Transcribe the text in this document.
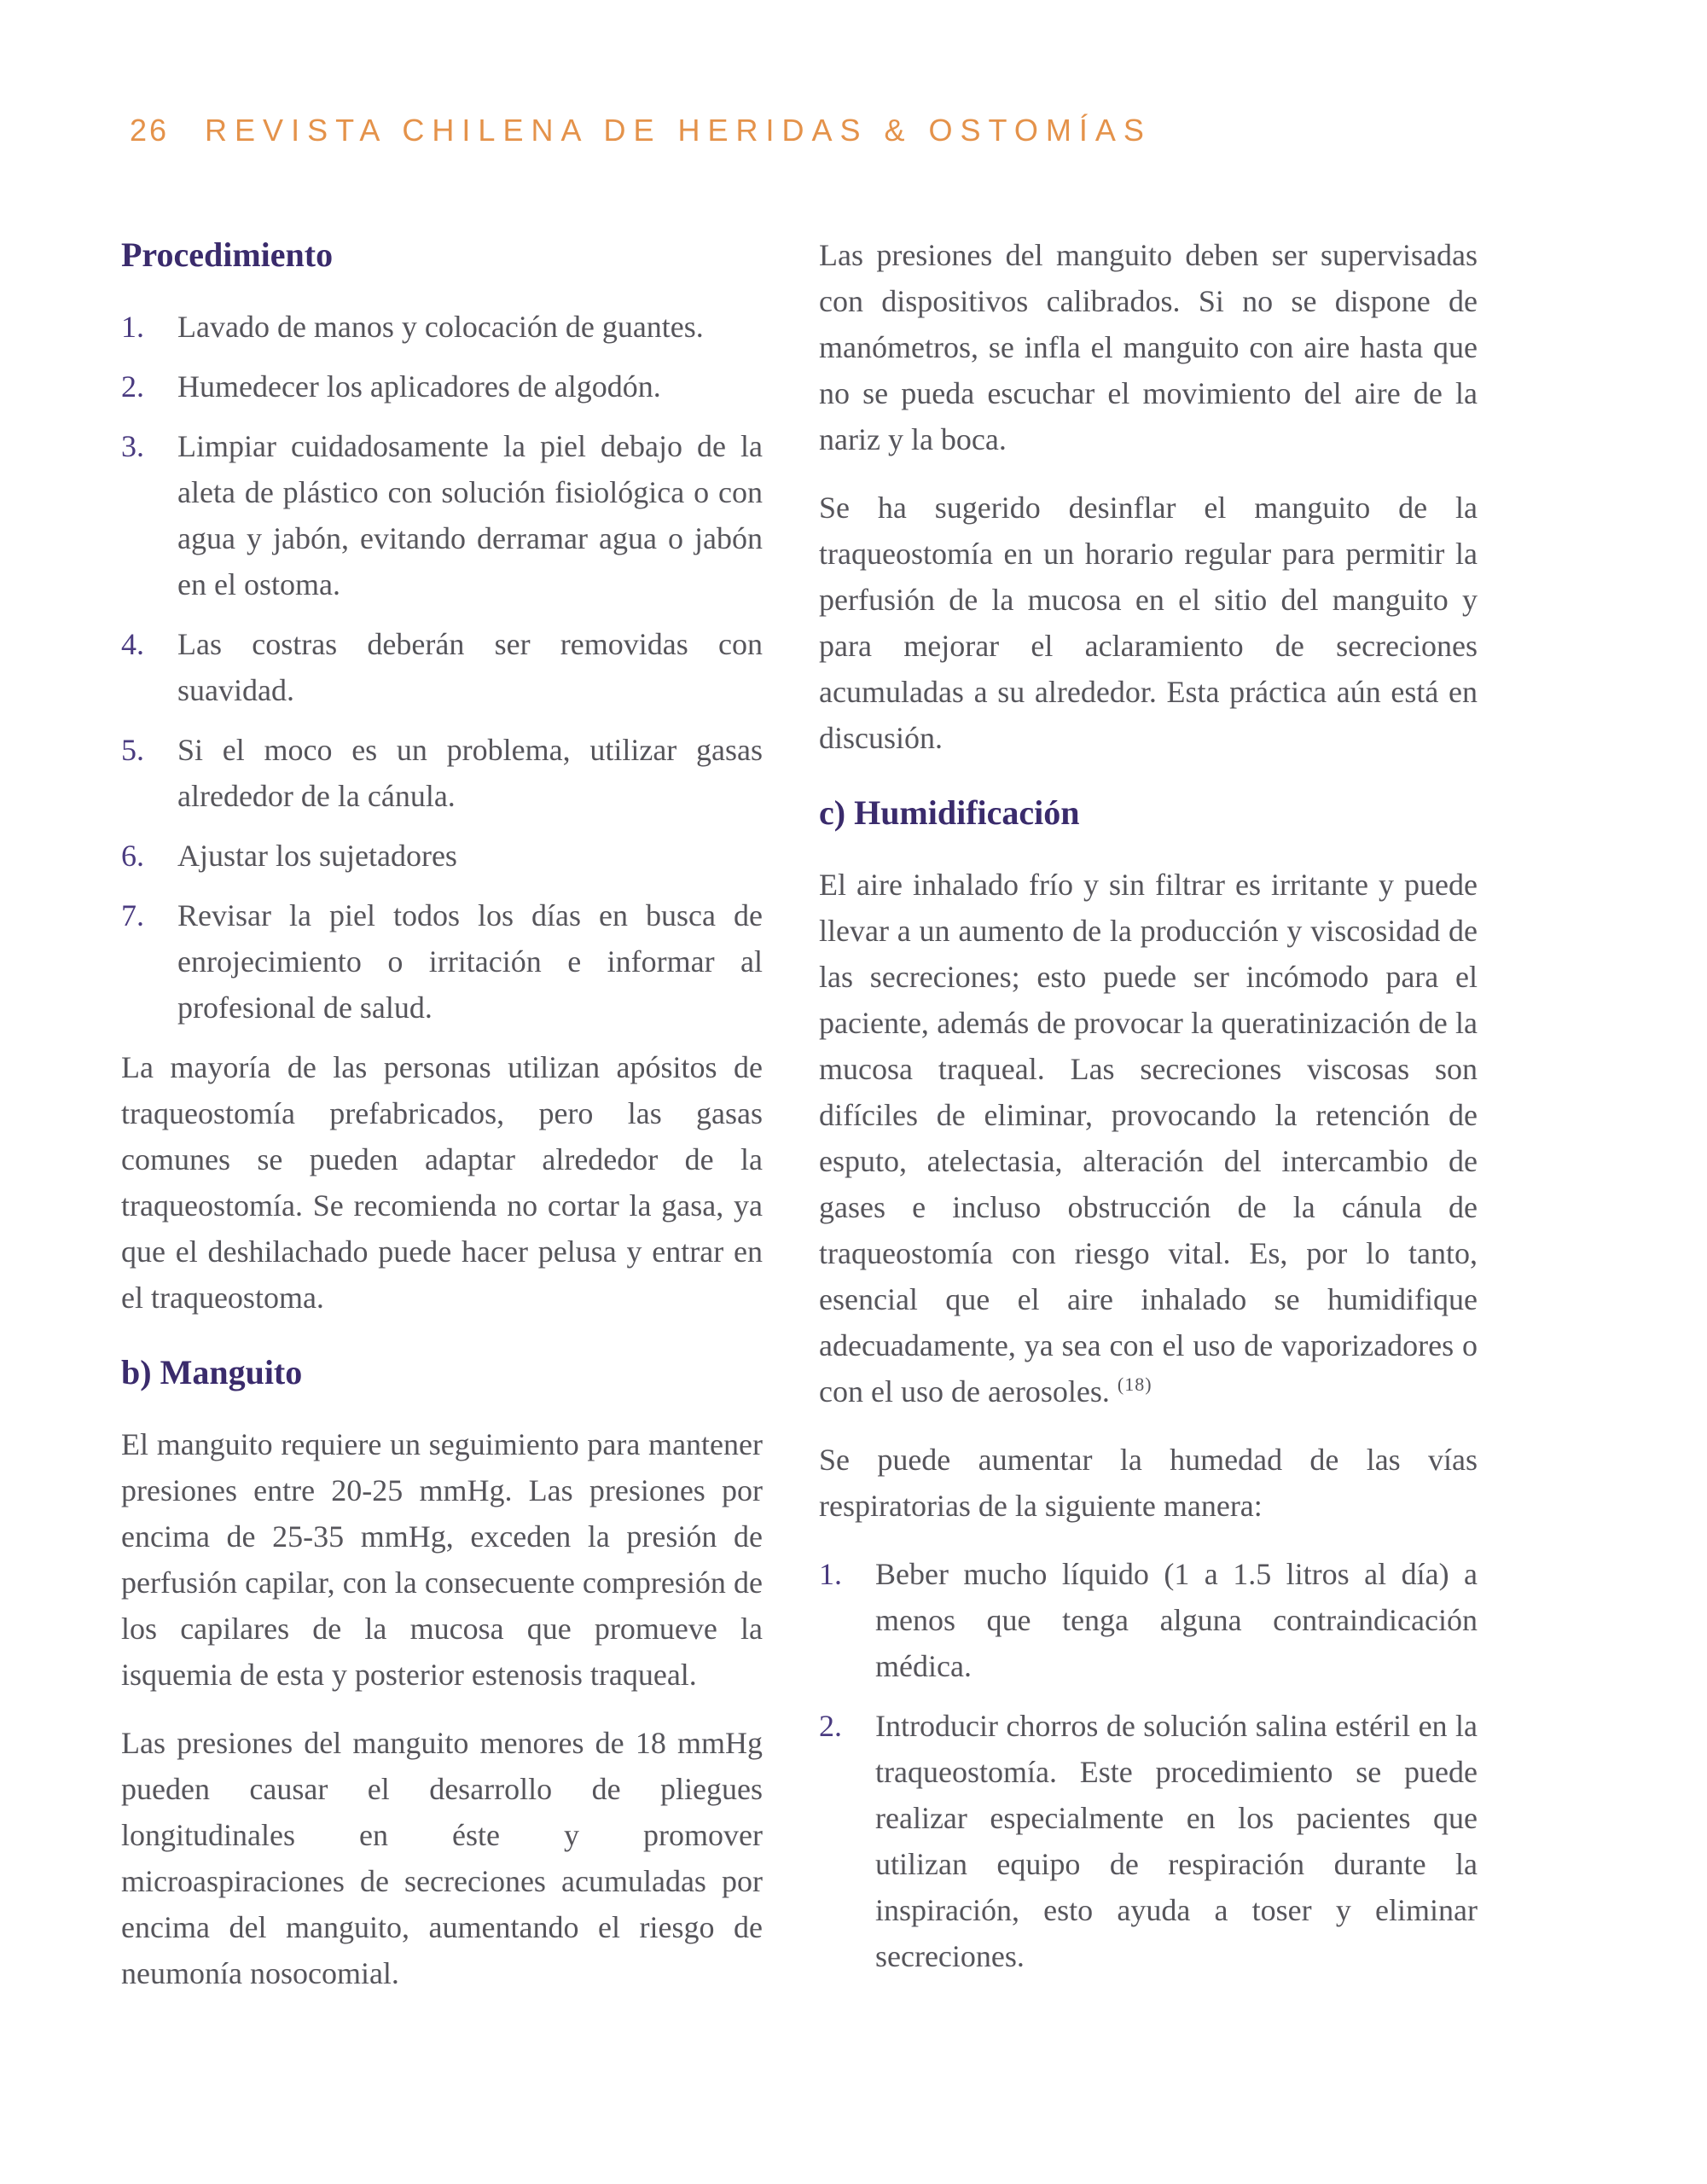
26 REVISTA CHILENA DE HERIDAS & OSTOMÍAS
Procedimiento
1. Lavado de manos y colocación de guantes.
2. Humedecer los aplicadores de algodón.
3. Limpiar cuidadosamente la piel debajo de la aleta de plástico con solución fisiológica o con agua y jabón, evitando derramar agua o jabón en el ostoma.
4. Las costras deberán ser removidas con suavidad.
5. Si el moco es un problema, utilizar gasas alrededor de la cánula.
6. Ajustar los sujetadores
7. Revisar la piel todos los días en busca de enrojecimiento o irritación e informar al profesional de salud.

La mayoría de las personas utilizan apósitos de traqueostomía prefabricados, pero las gasas comunes se pueden adaptar alrededor de la traqueostomía. Se recomienda no cortar la gasa, ya que el deshilachado puede hacer pelusa y entrar en el traqueostoma.

b) Manguito

El manguito requiere un seguimiento para mantener presiones entre 20-25 mmHg. Las presiones por encima de 25-35 mmHg, exceden la presión de perfusión capilar, con la consecuente compresión de los capilares de la mucosa que promueve la isquemia de esta y posterior estenosis traqueal.

Las presiones del manguito menores de 18 mmHg pueden causar el desarrollo de pliegues longitudinales en éste y promover microaspiraciones de secreciones acumuladas por encima del manguito, aumentando el riesgo de neumonía nosocomial.

Las presiones del manguito deben ser supervisadas con dispositivos calibrados. Si no se dispone de manómetros, se infla el manguito con aire hasta que no se pueda escuchar el movimiento del aire de la nariz y la boca.

Se ha sugerido desinflar el manguito de la traqueostomía en un horario regular para permitir la perfusión de la mucosa en el sitio del manguito y para mejorar el aclaramiento de secreciones acumuladas a su alrededor. Esta práctica aún está en discusión.

c) Humidificación

El aire inhalado frío y sin filtrar es irritante y puede llevar a un aumento de la producción y viscosidad de las secreciones; esto puede ser incómodo para el paciente, además de provocar la queratinización de la mucosa traqueal. Las secreciones viscosas son difíciles de eliminar, provocando la retención de esputo, atelectasia, alteración del intercambio de gases e incluso obstrucción de la cánula de traqueostomía con riesgo vital. Es, por lo tanto, esencial que el aire inhalado se humidifique adecuadamente, ya sea con el uso de vaporizadores o con el uso de aerosoles. $^{(18)}$

Se puede aumentar la humedad de las vías respiratorias de la siguiente manera:

1. Beber mucho líquido (1 a 1.5 litros al día) a menos que tenga alguna contraindicación médica.
2. Introducir chorros de solución salina estéril en la traqueostomía. Este procedimiento se puede realizar especialmente en los pacientes que utilizan equipo de respiración durante la inspiración, esto ayuda a toser y eliminar secreciones.
